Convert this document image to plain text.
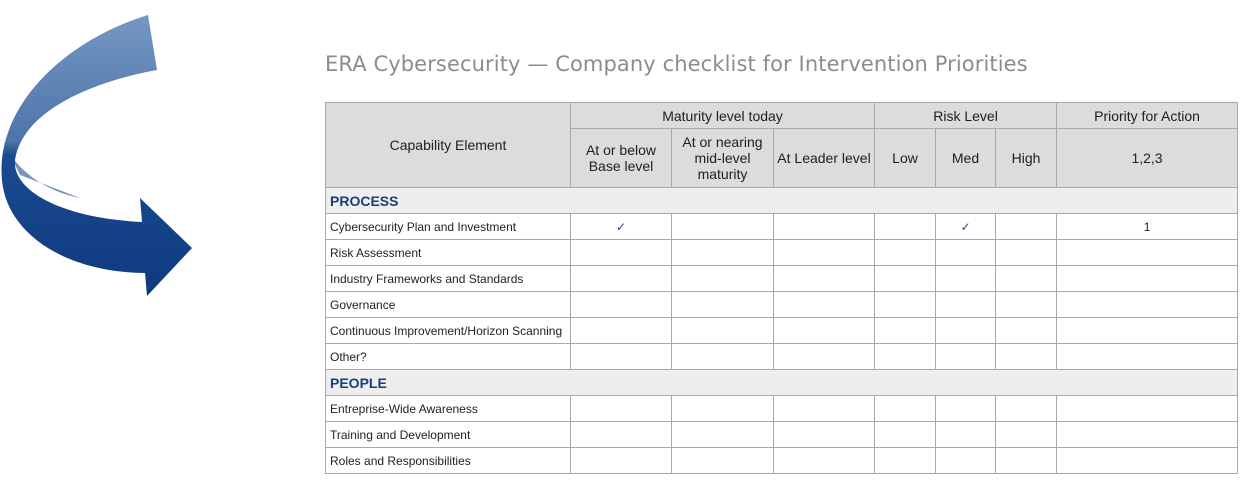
ERA Cybersecurity — Company checklist for Intervention Priorities
Capability Element	Maturity level today			Risk Level			Priority for Action
	At or below Base level	At or nearing mid-level maturity	At Leader level	Low	Med	High	1,2,3
PROCESS							
Cybersecurity Plan and Investment	✓				✓		1
Risk Assessment							
Industry Frameworks and Standards							
Governance							
Continuous Improvement/Horizon Scanning							
Other?							
PEOPLE							
Entreprise-Wide Awareness							
Training and Development							
Roles and Responsibilities							
